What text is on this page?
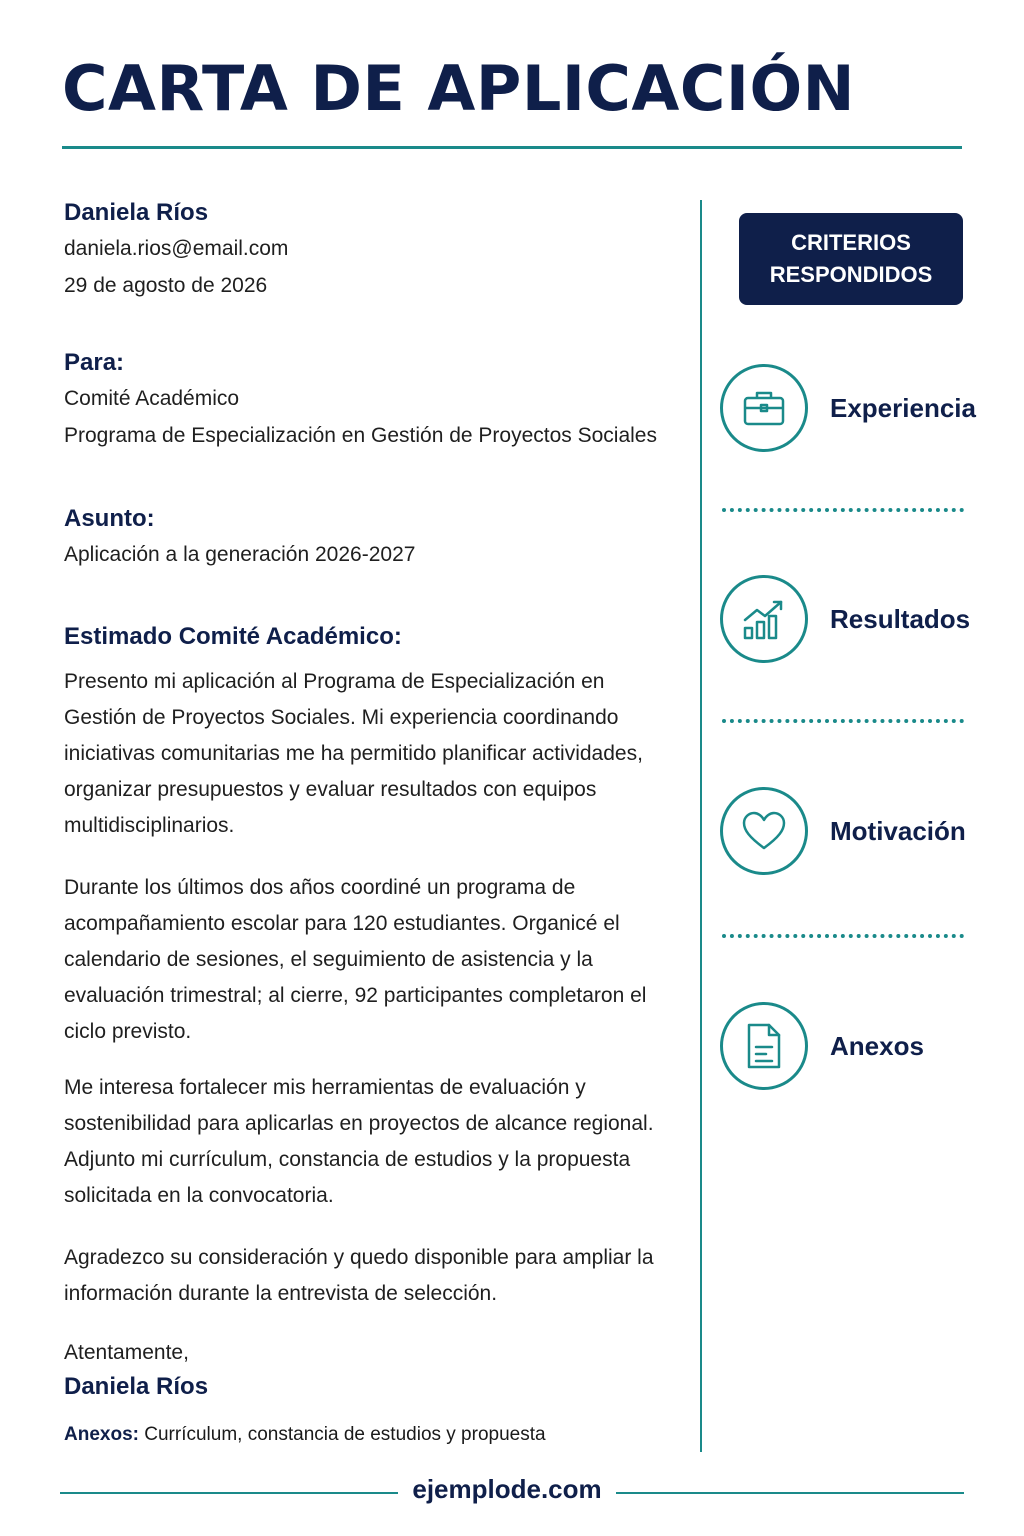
CARTA DE APLICACIÓN

Daniela Ríos

daniela.rios@email.com

29 de agosto de 2026

Para:

Comité Académico

Programa de Especialización en Gestión de Proyectos Sociales

Asunto:

Aplicación a la generación 2026-2027

Estimado Comité Académico:

Presento mi aplicación al Programa de Especialización en Gestión de Proyectos Sociales. Mi experiencia coordinando iniciativas comunitarias me ha permitido planificar actividades, organizar presupuestos y evaluar resultados con equipos multidisciplinarios.

Durante los últimos dos años coordiné un programa de acompañamiento escolar para 120 estudiantes. Organicé el calendario de sesiones, el seguimiento de asistencia y la evaluación trimestral; al cierre, 92 participantes completaron el ciclo previsto.

Me interesa fortalecer mis herramientas de evaluación y sostenibilidad para aplicarlas en proyectos de alcance regional. Adjunto mi currículum, constancia de estudios y la propuesta solicitada en la convocatoria.

Agradezco su consideración y quedo disponible para ampliar la información durante la entrevista de selección.

Atentamente,

Daniela Ríos

Anexos: Currículum, constancia de estudios y propuesta
CRITERIOS
RESPONDIDOS
Experiencia
Resultados
Motivación
Anexos
ejemplode.com
